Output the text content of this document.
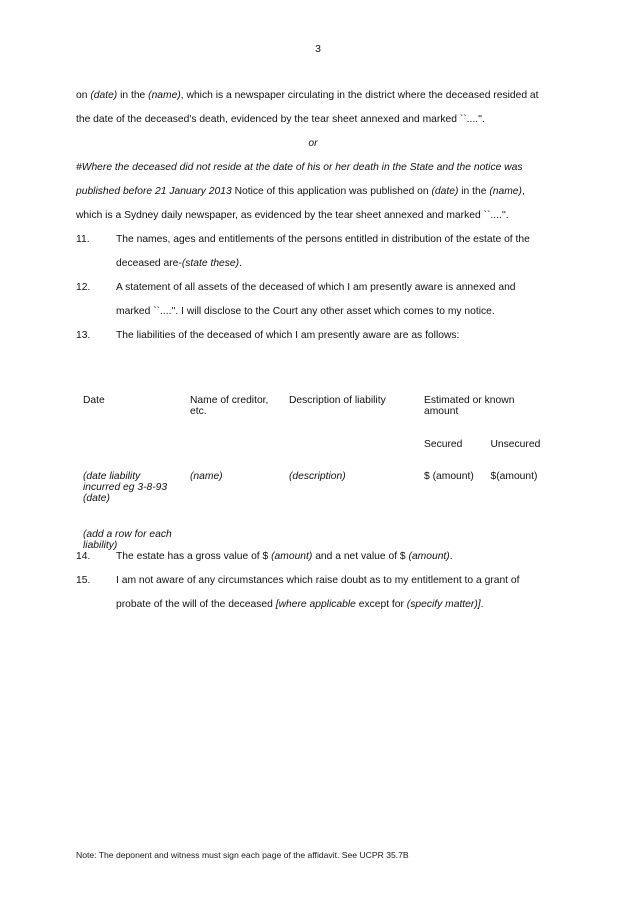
3

on (date) in the (name), which is a newspaper circulating in the district where the deceased resided at the date of the deceased's death, evidenced by the tear sheet annexed and marked ``....''.

or

#Where the deceased did not reside at the date of his or her death in the State and the notice was published before 21 January 2013 Notice of this application was published on (date) in the (name), which is a Sydney daily newspaper, as evidenced by the tear sheet annexed and marked ``....''.

11.	The names, ages and entitlements of the persons entitled in distribution of the estate of the deceased are-(state these).
12.	A statement of all assets of the deceased of which I am presently aware is annexed and marked ``....''. I will disclose to the Court any other asset which comes to my notice.
13.	The liabilities of the deceased of which I am presently aware are as follows:
Date	Name of creditor, etc.	Description of liability	Estimated or known amount	
			Secured	Unsecured
(date liability incurred eg 3-8-93 (date)	(name)	(description)	$ (amount)	$(amount)
(add a row for each liability)				
14.	The estate has a gross value of $ (amount) and a net value of $ (amount).
15.	I am not aware of any circumstances which raise doubt as to my entitlement to a grant of probate of the will of the deceased [where applicable except for (specify matter)].
Note: The deponent and witness must sign each page of the affidavit. See UCPR 35.7B
